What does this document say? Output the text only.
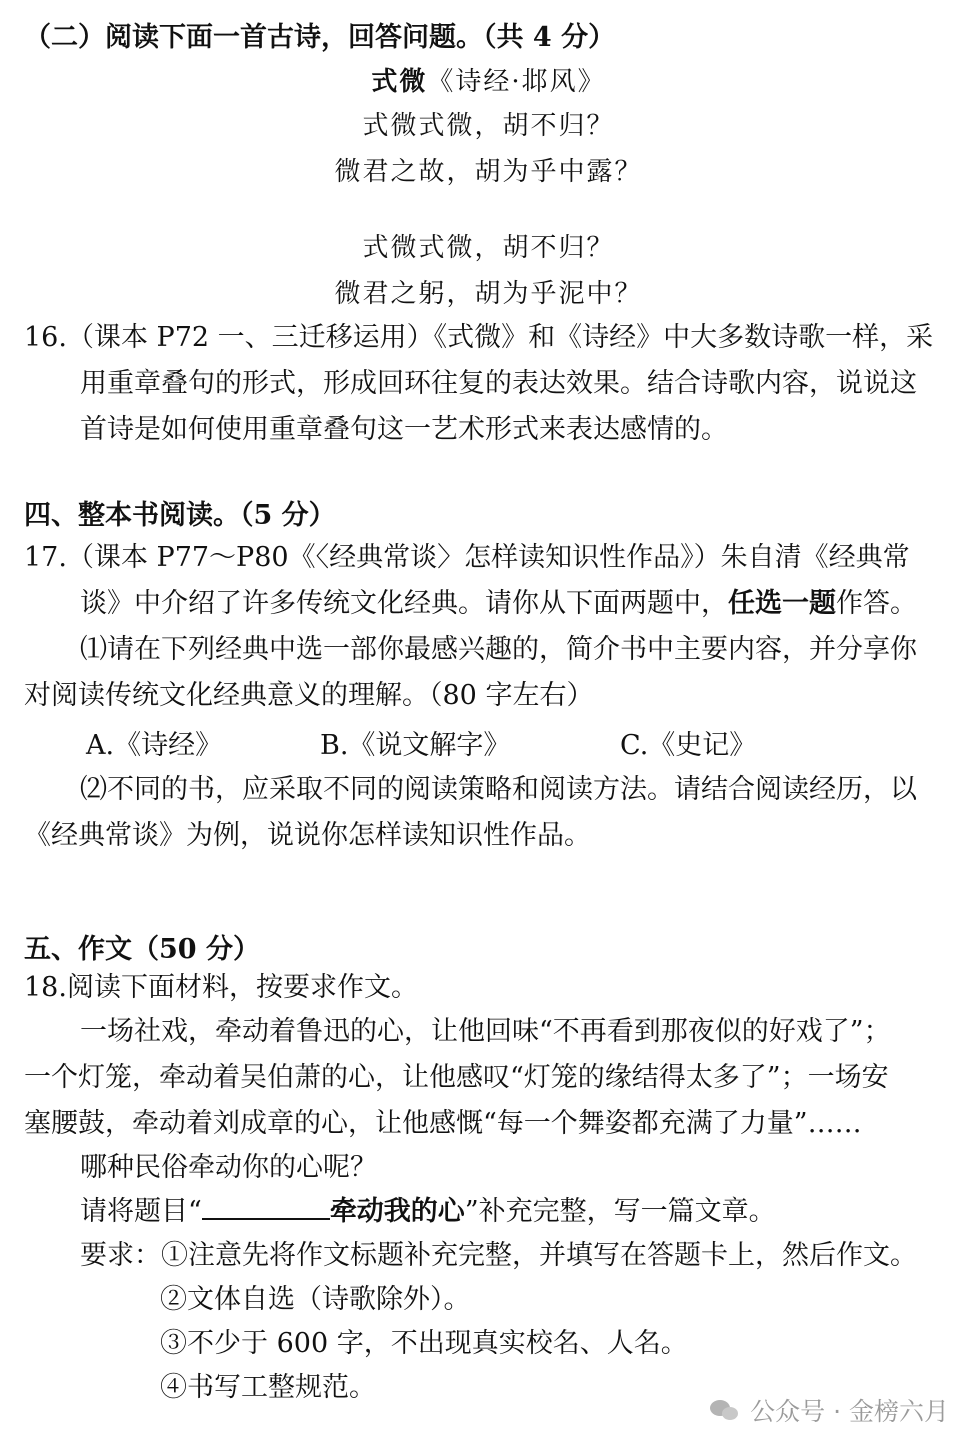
（二）阅读下面一首古诗，回答问题。（共 4 分）
式微《诗经·邶风》
式微式微，胡不归？
微君之故，胡为乎中露？
式微式微，胡不归？
微君之躬，胡为乎泥中？
16.（课本 P72 一、三迁移运用）《式微》和《诗经》中大多数诗歌一样，采
用重章叠句的形式，形成回环往复的表达效果。结合诗歌内容，说说这
首诗是如何使用重章叠句这一艺术形式来表达感情的。
四、整本书阅读。（5 分）
17.（课本 P77～P80《〈经典常谈〉怎样读知识性作品》）朱自清《经典常
谈》中介绍了许多传统文化经典。请你从下面两题中，任选一题作答。
⑴请在下列经典中选一部你最感兴趣的，简介书中主要内容，并分享你
对阅读传统文化经典意义的理解。（80 字左右）
A.《诗经》	B.《说文解字》	C.《史记》
⑵不同的书，应采取不同的阅读策略和阅读方法。请结合阅读经历，以
《经典常谈》为例，说说你怎样读知识性作品。
五、作文（50 分）
18.阅读下面材料，按要求作文。
一场社戏，牵动着鲁迅的心，让他回味“不再看到那夜似的好戏了”；
一个灯笼，牵动着吴伯萧的心，让他感叹“灯笼的缘结得太多了”；一场安
塞腰鼓，牵动着刘成章的心，让他感慨“每一个舞姿都充满了力量”……
哪种民俗牵动你的心呢？
请将题目“	牵动我的心”补充完整，写一篇文章。
要求：①注意先将作文标题补充完整，并填写在答题卡上，然后作文。
②文体自选（诗歌除外）。
③不少于 600 字，不出现真实校名、人名。
④书写工整规范。
公众号 · 金榜六月
